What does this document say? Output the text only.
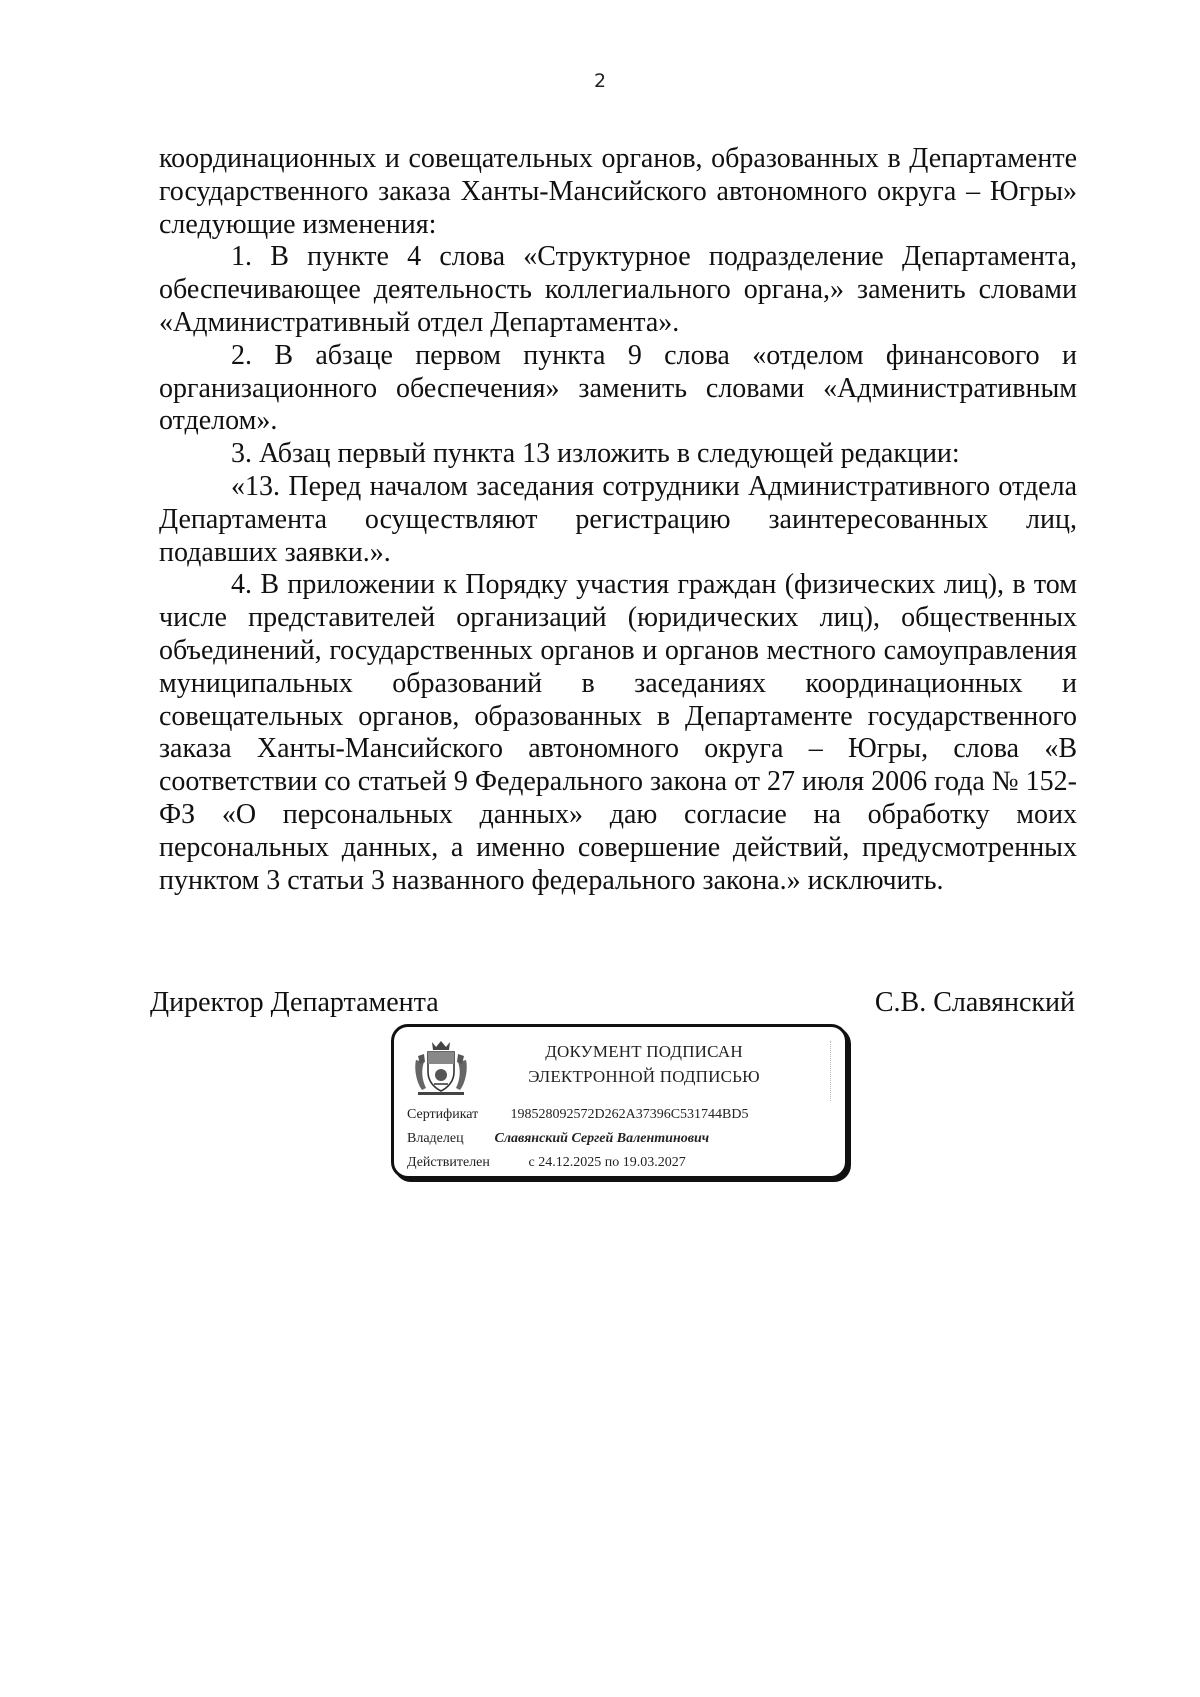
2

координационных и совещательных органов, образованных в Департаменте государственного заказа Ханты-Мансийского автономного округа – Югры» следующие изменения:

1. В пункте 4 слова «Структурное подразделение Департамента, обеспечивающее деятельность коллегиального органа,» заменить словами «Административный отдел Департамента».

2. В абзаце первом пункта 9 слова «отделом финансового и организационного обеспечения» заменить словами «Административным отделом».

3. Абзац первый пункта 13 изложить в следующей редакции:

«13. Перед началом заседания сотрудники Административного отдела Департамента осуществляют регистрацию заинтересованных лиц, подавших заявки.».

4. В приложении к Порядку участия граждан (физических лиц), в том числе представителей организаций (юридических лиц), общественных объединений, государственных органов и органов местного самоуправления муниципальных образований в заседаниях координационных и совещательных органов, образованных в Департаменте государственного заказа Ханты-Мансийского автономного округа – Югры, слова «В соответствии со статьей 9 Федерального закона от 27 июля 2006 года № 152-ФЗ «О персональных данных» даю согласие на обработку моих персональных данных, а именно совершение действий, предусмотренных пунктом 3 статьи 3 названного федерального закона.» исключить.

Директор Департамента	С.В. Славянский
ДОКУМЕНТ ПОДПИСАН
ЭЛЕКТРОННОЙ ПОДПИСЬЮ
Сертификат 198528092572D262A37396C531744BD5
Владелец Славянский Сергей Валентинович
Действителен	с 24.12.2025 по 19.03.2027
